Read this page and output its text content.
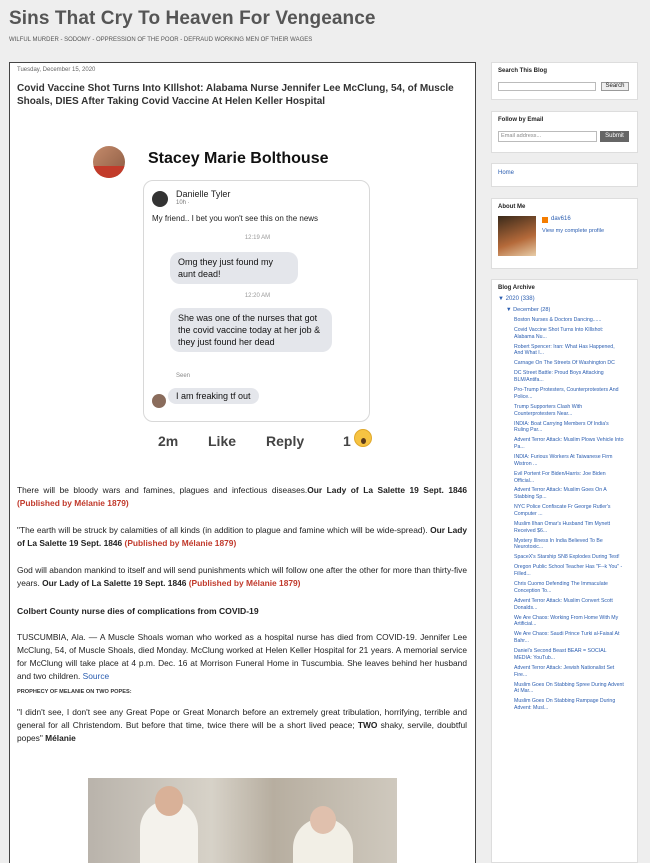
Sins That Cry To Heaven For Vengeance
WILFUL MURDER - SODOMY - OPPRESSION OF THE POOR - DEFRAUD WORKING MEN OF THEIR WAGES
Tuesday, December 15, 2020
Covid Vaccine Shot Turns Into KIllshot: Alabama Nurse Jennifer Lee McClung, 54, of Muscle Shoals, DIES After Taking Covid Vaccine At Helen Keller Hospital
Stacey Marie Bolthouse
Danielle Tyler
10h ·
My friend.. I bet you won't see this on the news
12:19 AM
Omg they just found my aunt dead!
12:20 AM
She was one of the nurses that got the covid vaccine today at her job & they just found her dead
Seen
I am freaking tf out
2m Like Reply	1
There will be bloody wars and famines, plagues and infectious diseases.Our Lady of La Salette 19 Sept. 1846 (Published by Mélanie 1879)
"The earth will be struck by calamities of all kinds (in addition to plague and famine which will be wide-spread). Our Lady of La Salette 19 Sept. 1846 (Published by Mélanie 1879)
God will abandon mankind to itself and will send punishments which will follow one after the other for more than thirty-five years. Our Lady of La Salette 19 Sept. 1846 (Published by Mélanie 1879)
Colbert County nurse dies of complications from COVID-19
TUSCUMBIA, Ala. — A Muscle Shoals woman who worked as a hospital nurse has died from COVID-19. Jennifer Lee McClung, 54, of Muscle Shoals, died Monday. McClung worked at Helen Keller Hospital for 21 years. A memorial service for McClung will take place at 4 p.m. Dec. 16 at Morrison Funeral Home in Tuscumbia. She leaves behind her husband and two children. Source
PROPHECY OF MELANIE ON TWO POPES:
"I didn't see, I don't see any Great Pope or Great Monarch before an extremely great tribulation, horrifying, terrible and general for all Christendom. But before that time, twice there will be a short lived peace; TWO shaky, servile, doubtful popes" Mélanie
Search This Blog
Search
Follow by Email
Email address...	Submit
Home
About Me
dav616
View my complete profile
Blog Archive
▼ 2020 (338)
▼ December (28)
Boston Nurses & Doctors Dancing......
Covid Vaccine Shot Turns Into KIllshot: Alabama Nu...
Robert Spencer: Iran: What Has Happened, And What I...
Carnage On The Streets Of Washington DC
DC Street Battle: Proud Boys Attacking BLM/Antifa...
Pro-Trump Protesters, Counterprotesters And Police...
Trump Supporters Clash With Counterprotesters Near...
INDIA: Boat Carrying Members Of India's Ruling Par...
Advent Terror Attack: Muslim Plows Vehicle Into Pa...
INDIA: Furious Workers At Taiwanese Firm Wistron ...
Evil Portent For Biden/Harris: Joe Biden Official...
Advent Terror Attack: Muslim Goes On A Stabbing Sp...
NYC Police Confiscate Fr George Rutler's Computer ...
Muslim Ilhan Omar's Husband Tim Mynett Received $6...
Mystery Illness In India Believed To Be Neurotoxic...
SpaceX's Starship SN8 Explodes During Test!
Oregon Public School Teacher Has "F--k You" -Filled...
Chris Cuomo Defending The Immaculate Conception To...
Advent Terror Attack: Muslim Convert Scott Donalds...
We Are Chaos: Working From Home With My Artificial...
We Are Chaos: Saudi Prince Turki al-Faisal At Bahr...
Daniel's Second Beast BEAR = SOCIAL MEDIA: YouTub...
Advent Terror Attack: Jewish Nationalist Set Fire...
Muslim Goes On Stabbing Spree During Advent At Mar...
Muslim Goes On Stabbing Rampage During Advent: Musl...
